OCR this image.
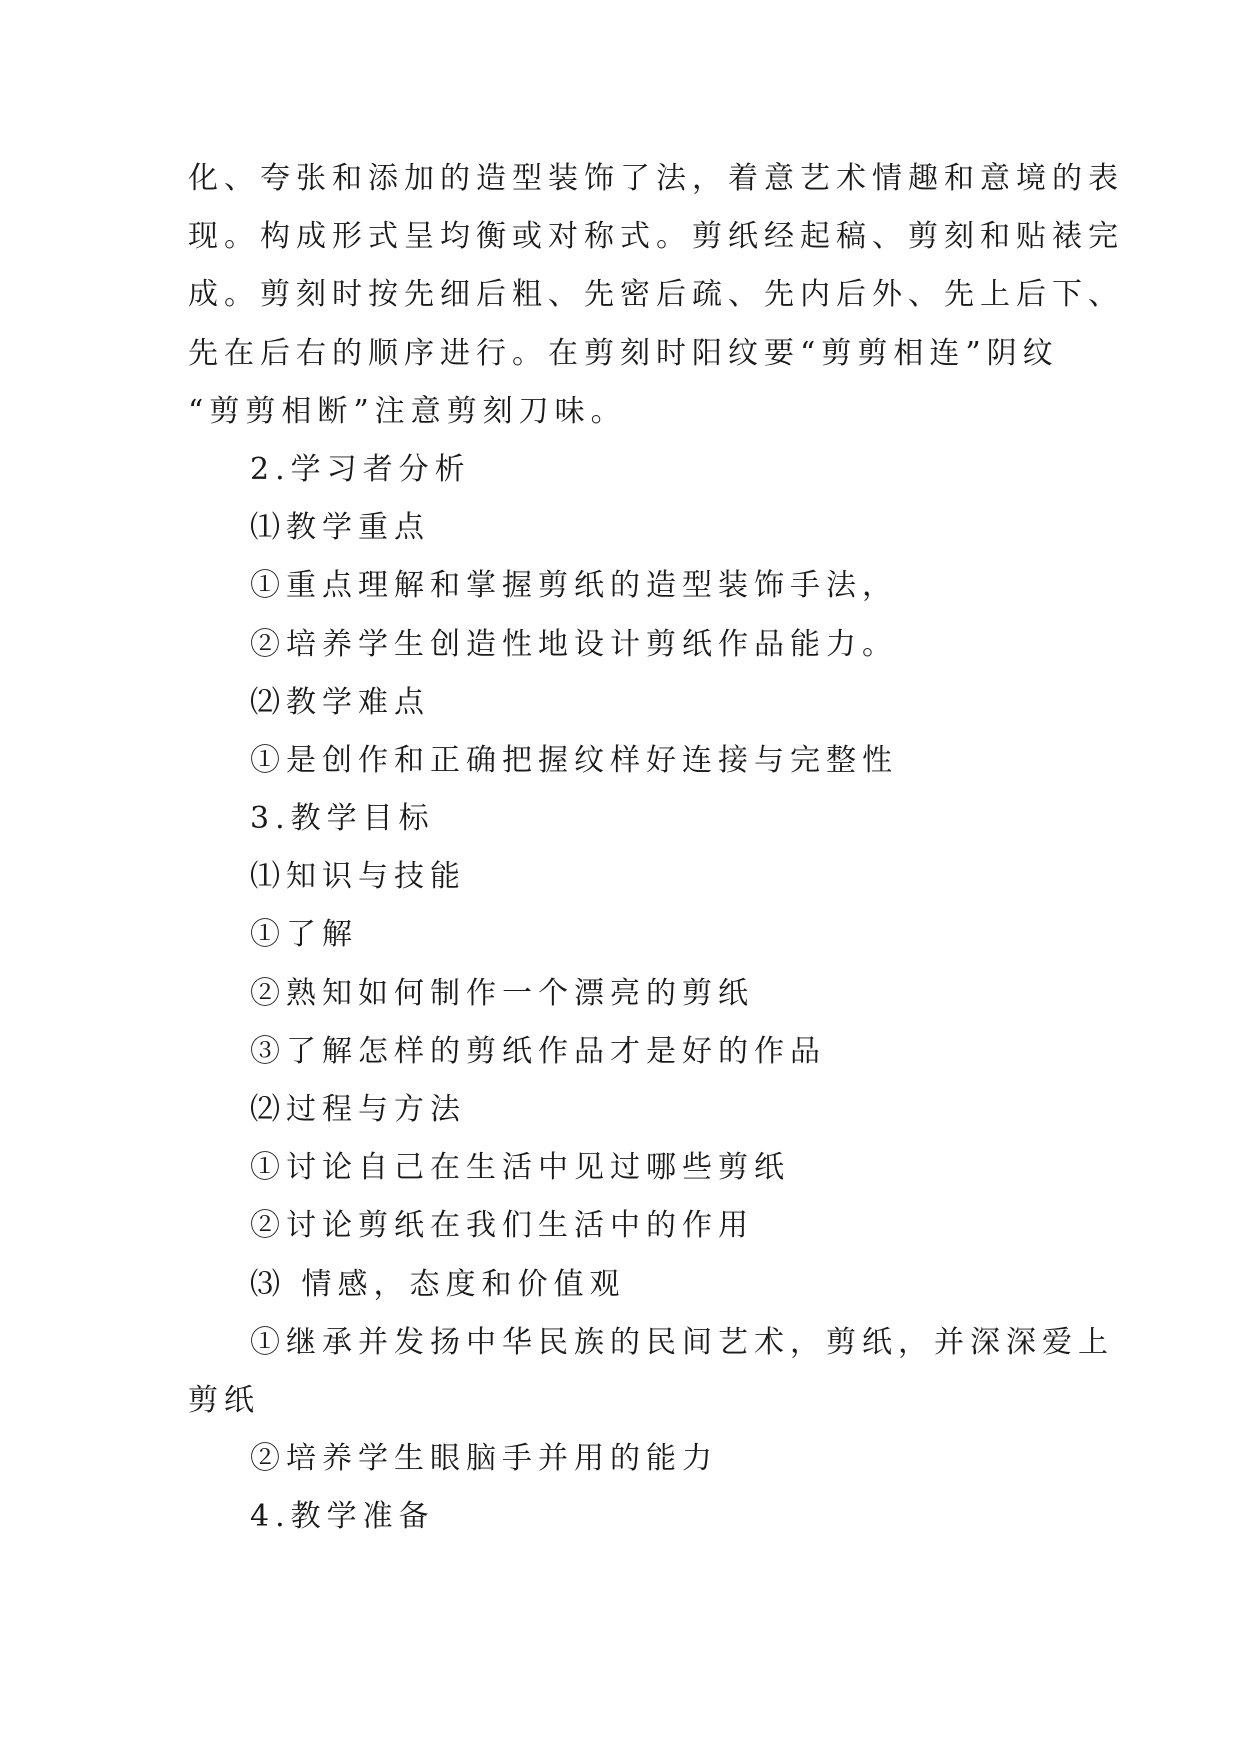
化、夸张和添加的造型装饰了法，着意艺术情趣和意境的表
现。构成形式呈均衡或对称式。剪纸经起稿、剪刻和贴裱完
成。剪刻时按先细后粗、先密后疏、先内后外、先上后下、
先在后右的顺序进行。在剪刻时阳纹要“剪剪相连”阴纹
“剪剪相断”注意剪刻刀味。
2.学习者分析
⑴教学重点
①重点理解和掌握剪纸的造型装饰手法，
②培养学生创造性地设计剪纸作品能力。
⑵教学难点
①是创作和正确把握纹样好连接与完整性
3.教学目标
⑴知识与技能
①了解
②熟知如何制作一个漂亮的剪纸
③了解怎样的剪纸作品才是好的作品
⑵过程与方法
①讨论自己在生活中见过哪些剪纸
②讨论剪纸在我们生活中的作用
⑶ 情感，态度和价值观
①继承并发扬中华民族的民间艺术，剪纸，并深深爱上
剪纸
②培养学生眼脑手并用的能力
4.教学准备
